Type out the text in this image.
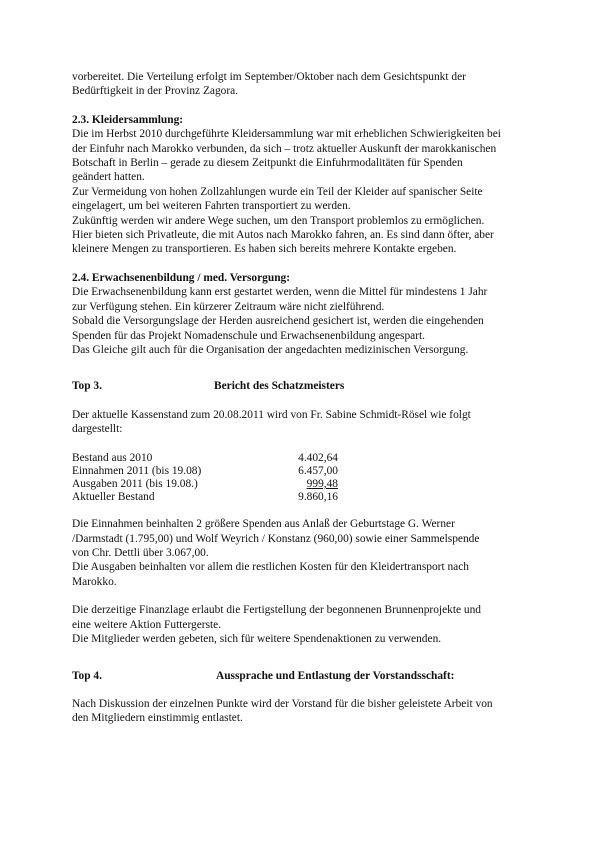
vorbereitet. Die Verteilung erfolgt im September/Oktober nach dem Gesichtspunkt der
Bedürftigkeit in der Provinz Zagora.
2.3. Kleidersammlung:
Die im Herbst 2010 durchgeführte Kleidersammlung war mit erheblichen Schwierigkeiten bei
der Einfuhr nach Marokko verbunden, da sich – trotz aktueller Auskunft der marokkanischen
Botschaft in Berlin – gerade zu diesem Zeitpunkt die Einfuhrmodalitäten für Spenden
geändert hatten.
Zur Vermeidung von hohen Zollzahlungen wurde ein Teil der Kleider auf spanischer Seite
eingelagert, um bei weiteren Fahrten transportiert zu werden.
Zukünftig werden wir andere Wege suchen, um den Transport problemlos zu ermöglichen.
Hier bieten sich Privatleute, die mit Autos nach Marokko fahren, an. Es sind dann öfter, aber
kleinere Mengen zu transportieren. Es haben sich bereits mehrere Kontakte ergeben.
2.4. Erwachsenenbildung / med. Versorgung:
Die Erwachsenenbildung kann erst gestartet werden, wenn die Mittel für mindestens 1 Jahr
zur Verfügung stehen. Ein kürzerer Zeitraum wäre nicht zielführend.
Sobald die Versorgungslage der Herden ausreichend gesichert ist, werden die eingehenden
Spenden für das Projekt Nomadenschule und Erwachsenenbildung angespart.
Das Gleiche gilt auch für die Organisation der angedachten medizinischen Versorgung.
Top 3.	Bericht des Schatzmeisters
Der aktuelle Kassenstand zum 20.08.2011 wird von Fr. Sabine Schmidt-Rösel wie folgt
dargestellt:
Bestand aus 2010	4.402,64
Einnahmen 2011 (bis 19.08)	6.457,00
Ausgaben 2011 (bis 19.08.)	999,48
Aktueller Bestand	9.860,16
Die Einnahmen beinhalten 2 größere Spenden aus Anlaß der Geburtstage G. Werner
/Darmstadt (1.795,00) und Wolf Weyrich / Konstanz (960,00) sowie einer Sammelspende
von Chr. Dettli über 3.067,00.
Die Ausgaben beinhalten vor allem die restlichen Kosten für den Kleidertransport nach
Marokko.
Die derzeitige Finanzlage erlaubt die Fertigstellung der begonnenen Brunnenprojekte und
eine weitere Aktion Futtergerste.
Die Mitglieder werden gebeten, sich für weitere Spendenaktionen zu verwenden.
Top 4.	Aussprache und Entlastung der Vorstandsschaft:
Nach Diskussion der einzelnen Punkte wird der Vorstand für die bisher geleistete Arbeit von
den Mitgliedern einstimmig entlastet.
